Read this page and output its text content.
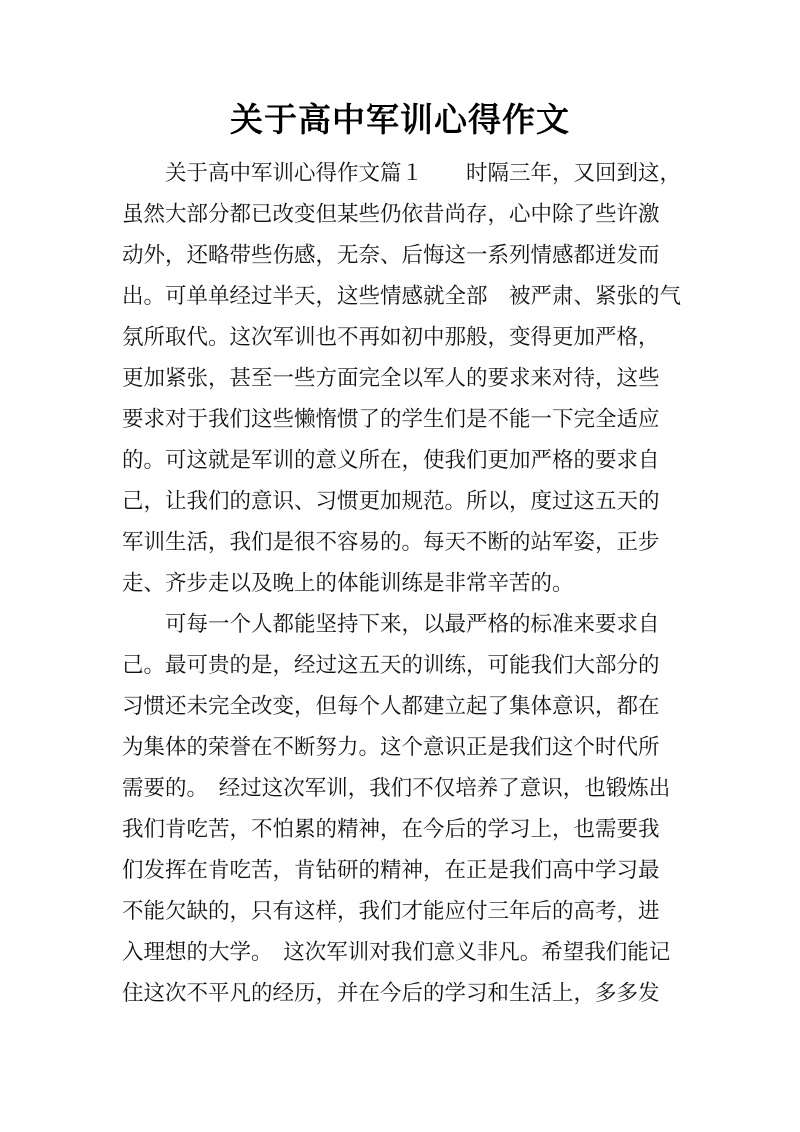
关于高中军训心得作文
关于高中军训心得作文篇１　　时隔三年，又回到这，
虽然大部分都已改变但某些仍依昔尚存，心中除了些许激
动外，还略带些伤感，无奈、后悔这一系列情感都迸发而
出。可单单经过半天，这些情感就全部　被严肃、紧张的气
氛所取代。这次军训也不再如初中那般，变得更加严格，
更加紧张，甚至一些方面完全以军人的要求来对待，这些
要求对于我们这些懒惰惯了的学生们是不能一下完全适应
的。可这就是军训的意义所在，使我们更加严格的要求自
己，让我们的意识、习惯更加规范。所以，度过这五天的
军训生活，我们是很不容易的。每天不断的站军姿，正步
走、齐步走以及晚上的体能训练是非常辛苦的。
可每一个人都能坚持下来，以最严格的标准来要求自
己。最可贵的是，经过这五天的训练，可能我们大部分的
习惯还未完全改变，但每个人都建立起了集体意识，都在
为集体的荣誉在不断努力。这个意识正是我们这个时代所
需要的。　经过这次军训，我们不仅培养了意识，也锻炼出
我们肯吃苦，不怕累的精神，在今后的学习上，也需要我
们发挥在肯吃苦，肯钻研的精神，在正是我们高中学习最
不能欠缺的，只有这样，我们才能应付三年后的高考，进
入理想的大学。　这次军训对我们意义非凡。希望我们能记
住这次不平凡的经历，并在今后的学习和生活上，多多发
